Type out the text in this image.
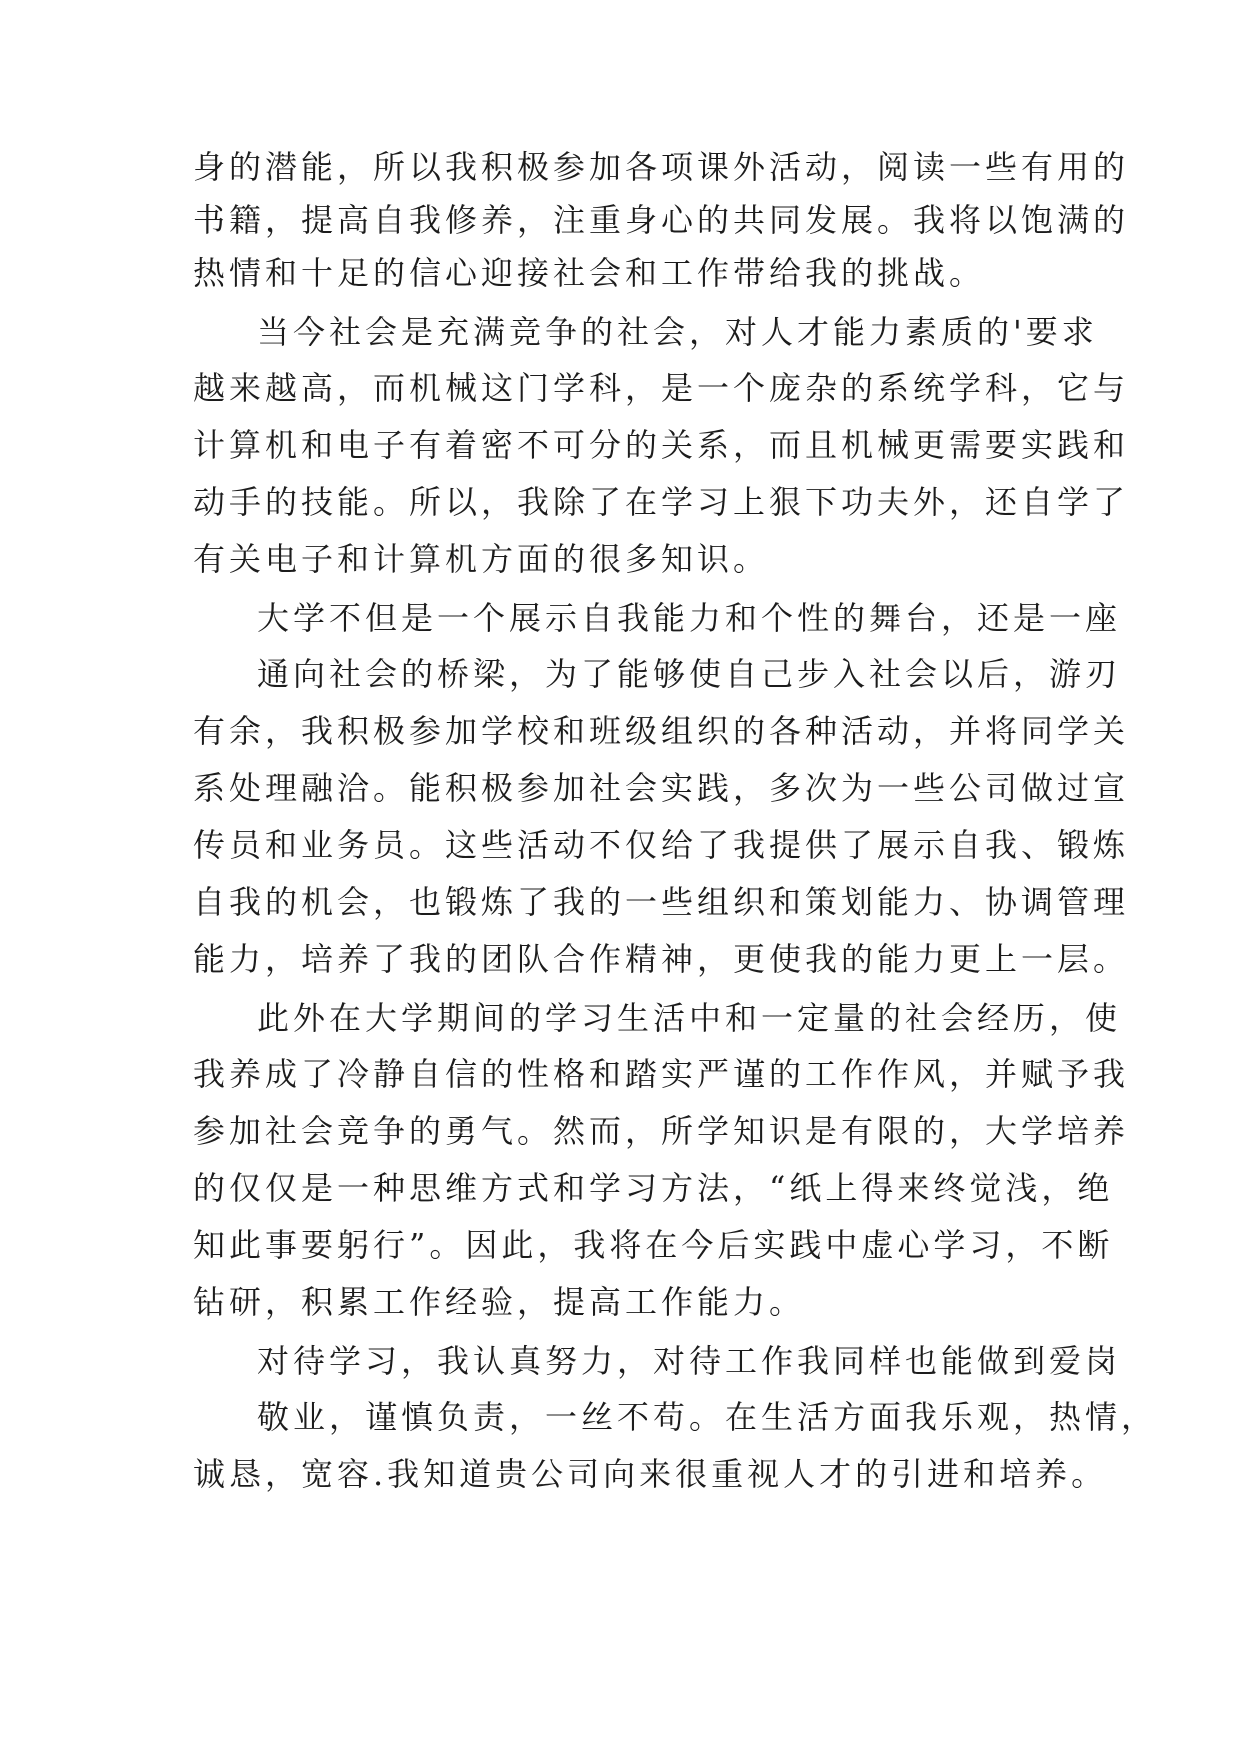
身的潜能，所以我积极参加各项课外活动，阅读一些有用的

书籍，提高自我修养，注重身心的共同发展。我将以饱满的

热情和十足的信心迎接社会和工作带给我的挑战。

当今社会是充满竞争的社会，对人才能力素质的'要求

越来越高，而机械这门学科，是一个庞杂的系统学科，它与

计算机和电子有着密不可分的关系，而且机械更需要实践和

动手的技能。所以，我除了在学习上狠下功夫外，还自学了

有关电子和计算机方面的很多知识。

大学不但是一个展示自我能力和个性的舞台，还是一座

通向社会的桥梁，为了能够使自己步入社会以后，游刃

有余，我积极参加学校和班级组织的各种活动，并将同学关

系处理融洽。能积极参加社会实践，多次为一些公司做过宣

传员和业务员。这些活动不仅给了我提供了展示自我、锻炼

自我的机会，也锻炼了我的一些组织和策划能力、协调管理

能力，培养了我的团队合作精神，更使我的能力更上一层。

此外在大学期间的学习生活中和一定量的社会经历，使

我养成了冷静自信的性格和踏实严谨的工作作风，并赋予我

参加社会竞争的勇气。然而，所学知识是有限的，大学培养

的仅仅是一种思维方式和学习方法，“纸上得来终觉浅，绝

知此事要躬行”。因此，我将在今后实践中虚心学习，不断

钻研，积累工作经验，提高工作能力。

对待学习，我认真努力，对待工作我同样也能做到爱岗

敬业，谨慎负责，一丝不苟。在生活方面我乐观，热情，

诚恳，宽容.我知道贵公司向来很重视人才的引进和培养。
